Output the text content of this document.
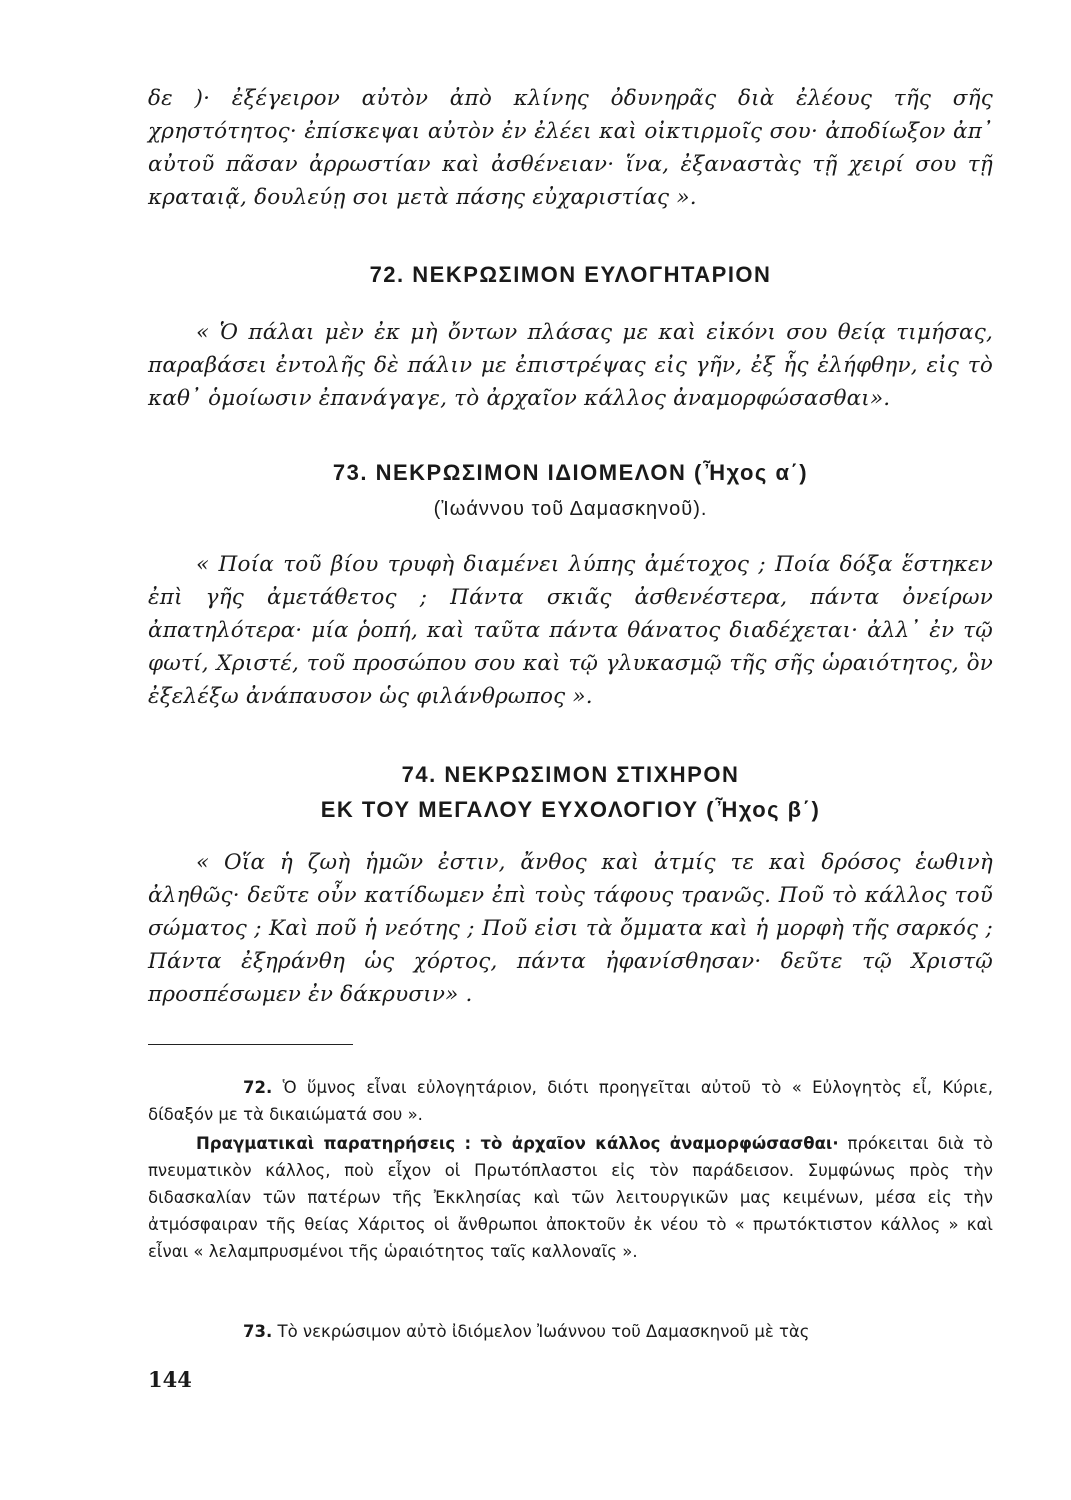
δε )· ἐξέγειρον αὐτὸν ἀπὸ κλίνης ὀδυνηρᾶς διὰ ἐλέους τῆς σῆς χρηστότητος· ἐπίσκεψαι αὐτὸν ἐν ἐλέει καὶ οἰκτιρμοῖς σου· ἀποδίωξον ἀπ᾽ αὐτοῦ πᾶσαν ἀρρωστίαν καὶ ἀσθένειαν· ἵνα, ἐξαναστὰς τῇ χειρί σου τῇ κραταιᾷ, δουλεύῃ σοι μετὰ πάσης εὐχαριστίας ».

72. ΝΕΚΡΩΣΙΜΟΝ ΕΥΛΟΓΗΤΑΡΙΟΝ

« Ὁ πάλαι μὲν ἐκ μὴ ὄντων πλάσας με καὶ εἰκόνι σου θείᾳ τιμήσας, παραβάσει ἐντολῆς δὲ πάλιν με ἐπιστρέψας εἰς γῆν, ἐξ ἧς ἐλήφθην, εἰς τὸ καθ᾽ ὁμοίωσιν ἐπανάγαγε, τὸ ἀρχαῖον κάλλος ἀναμορφώσασθαι».

73. ΝΕΚΡΩΣΙΜΟΝ ΙΔΙΟΜΕΛΟΝ (Ἦχος α΄)

(Ἰωάννου τοῦ Δαμασκηνοῦ).

« Ποία τοῦ βίου τρυφὴ διαμένει λύπης ἀμέτοχος ; Ποία δόξα ἕστηκεν ἐπὶ γῆς ἀμετάθετος ; Πάντα σκιᾶς ἀσθενέστερα, πάντα ὀνείρων ἀπατηλότερα· μία ῥοπή, καὶ ταῦτα πάντα θάνατος διαδέχεται· ἀλλ᾽ ἐν τῷ φωτί, Χριστέ, τοῦ προσώπου σου καὶ τῷ γλυκασμῷ τῆς σῆς ὡραιότητος, ὃν ἐξελέξω ἀνάπαυσον ὡς φιλάνθρωπος ».

74. ΝΕΚΡΩΣΙΜΟΝ ΣΤΙΧΗΡΟΝ
ΕΚ ΤΟΥ ΜΕΓΑΛΟΥ ΕΥΧΟΛΟΓΙΟΥ (Ἦχος β΄)

« Οἵα ἡ ζωὴ ἡμῶν ἐστιν, ἄνθος καὶ ἀτμίς τε καὶ δρόσος ἑωθινὴ ἀληθῶς· δεῦτε οὖν κατίδωμεν ἐπὶ τοὺς τάφους τρανῶς. Ποῦ τὸ κάλλος τοῦ σώματος ; Καὶ ποῦ ἡ νεότης ; Ποῦ εἰσι τὰ ὄμματα καὶ ἡ μορφὴ τῆς σαρκός ; Πάντα ἐξηράνθη ὡς χόρτος, πάντα ἠφανίσθησαν· δεῦτε τῷ Χριστῷ προσπέσωμεν ἐν δάκρυσιν» .

72. Ὁ ὕμνος εἶναι εὐλογητάριον, διότι προηγεῖται αὐτοῦ τὸ « Εὐλογητὸς εἶ, Κύριε, δίδαξόν με τὰ δικαιώματά σου ».

Πραγματικαὶ παρατηρήσεις : τὸ ἀρχαῖον κάλλος ἀναμορφώσασθαι· πρόκειται διὰ τὸ πνευματικὸν κάλλος, ποὺ εἶχον οἱ Πρωτόπλαστοι εἰς τὸν παράδεισον. Συμφώνως πρὸς τὴν διδασκαλίαν τῶν πατέρων τῆς Ἐκκλησίας καὶ τῶν λειτουργικῶν μας κειμένων, μέσα εἰς τὴν ἀτμόσφαιραν τῆς θείας Χάριτος οἱ ἄνθρωποι ἀποκτοῦν ἐκ νέου τὸ « πρωτόκτιστον κάλλος » καὶ εἶναι « λελαμπρυσμένοι τῆς ὡραιότητος ταῖς καλλοναῖς ».

73. Τὸ νεκρώσιμον αὐτὸ ἰδιόμελον Ἰωάννου τοῦ Δαμασκηνοῦ μὲ τὰς

144
